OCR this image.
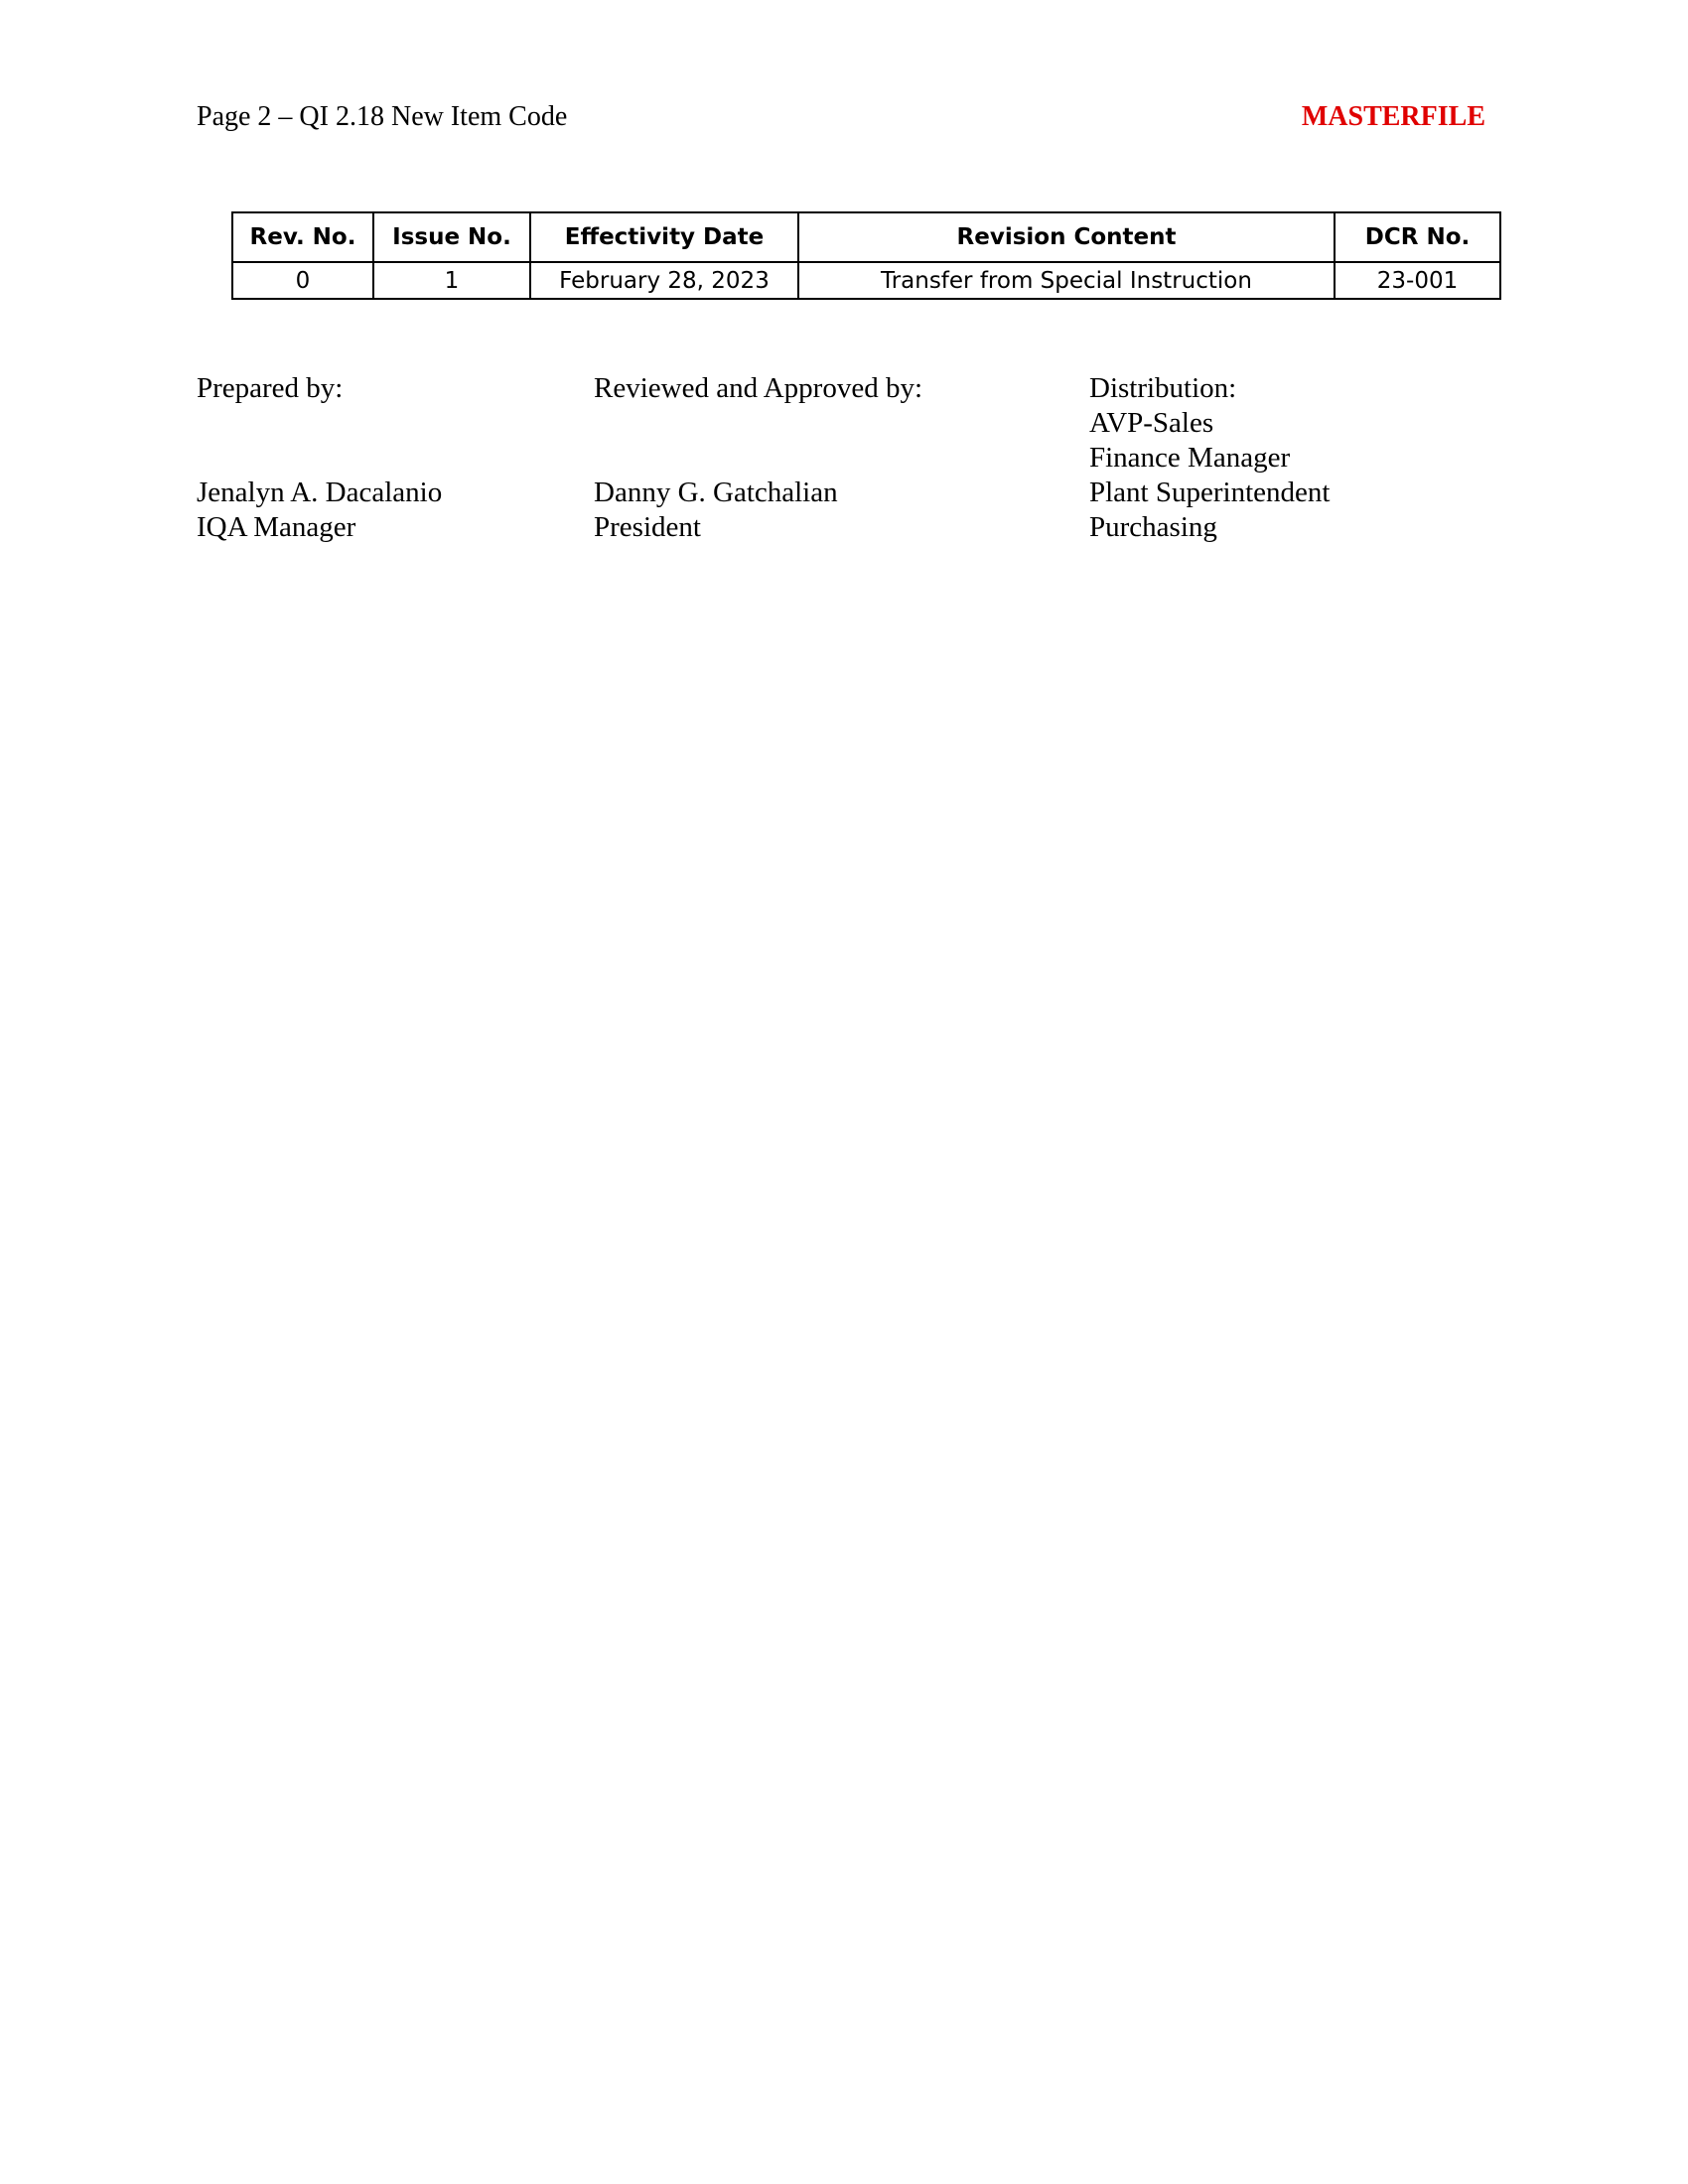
Page 2 – QI 2.18 New Item Code	MASTERFILE
Rev. No.	Issue No.	Effectivity Date	Revision Content	DCR No.
0	1	February 28, 2023	Transfer from Special Instruction	23-001
Prepared by:
Jenalyn A. Dacalanio
IQA Manager
Reviewed and Approved by:
Danny G. Gatchalian
President
Distribution:
AVP-Sales
Finance Manager
Plant Superintendent
Purchasing
